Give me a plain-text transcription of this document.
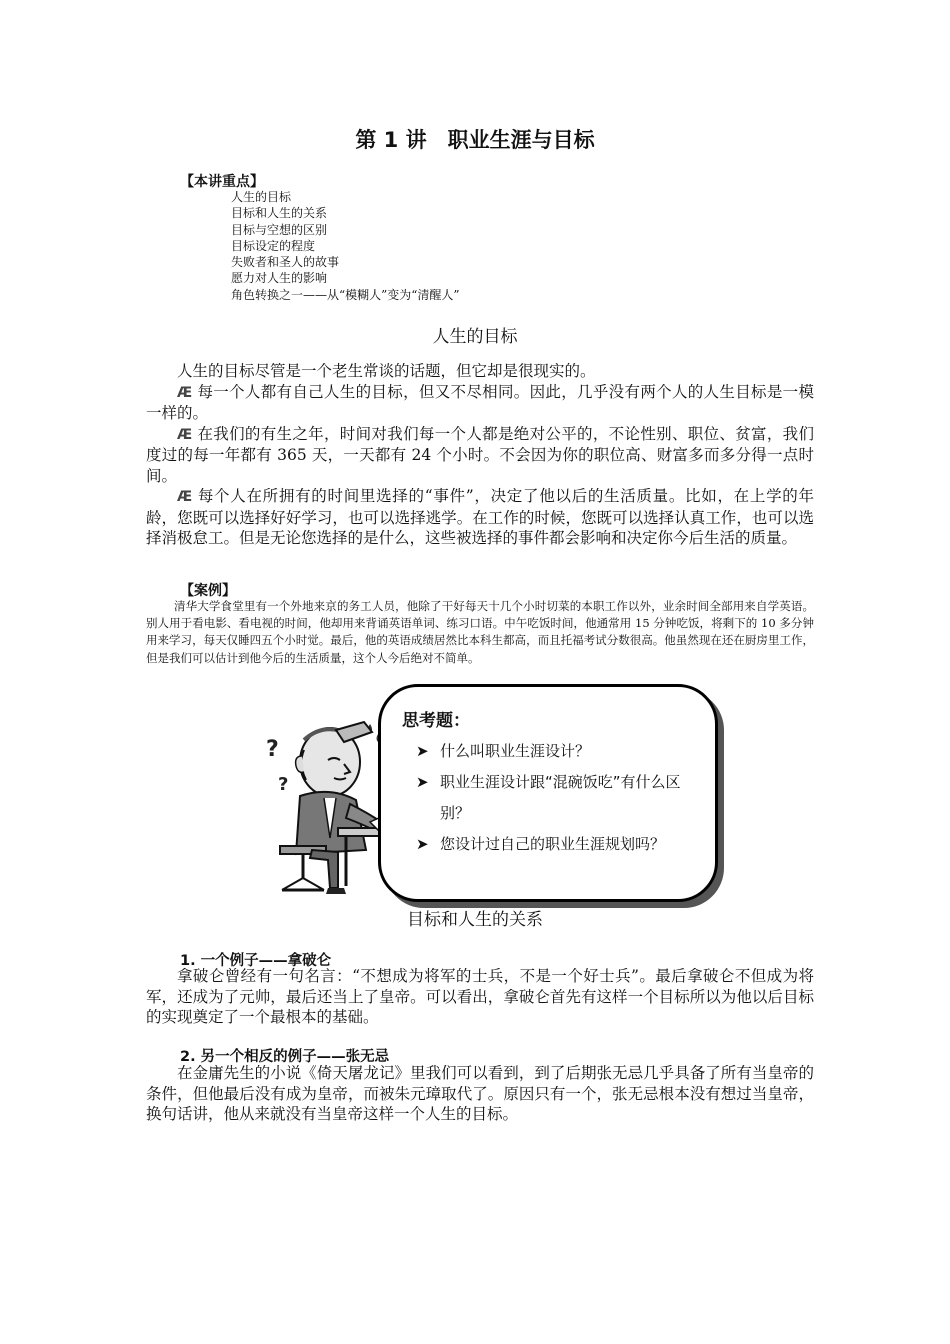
第 1 讲　职业生涯与目标
【本讲重点】
人生的目标
目标和人生的关系
目标与空想的区别
目标设定的程度
失败者和圣人的故事
愿力对人生的影响
角色转换之一——从“模糊人”变为“清醒人”
人生的目标

人生的目标尽管是一个老生常谈的话题，但它却是很现实的。

Æ 每一个人都有自己人生的目标，但又不尽相同。因此，几乎没有两个人的人生目标是一模一样的。

Æ 在我们的有生之年，时间对我们每一个人都是绝对公平的，不论性别、职位、贫富，我们度过的每一年都有 365 天，一天都有 24 个小时。不会因为你的职位高、财富多而多分得一点时间。

Æ 每个人在所拥有的时间里选择的“事件”，决定了他以后的生活质量。比如，在上学的年龄，您既可以选择好好学习，也可以选择逃学。在工作的时候，您既可以选择认真工作，也可以选择消极怠工。但是无论您选择的是什么，这些被选择的事件都会影响和决定你今后生活的质量。

【案例】

清华大学食堂里有一个外地来京的务工人员，他除了干好每天十几个小时切菜的本职工作以外，业余时间全部用来自学英语。别人用于看电影、看电视的时间，他却用来背诵英语单词、练习口语。中午吃饭时间，他通常用 15 分钟吃饭，将剩下的 10 多分钟用来学习，每天仅睡四五个小时觉。最后，他的英语成绩居然比本科生都高，而且托福考试分数很高。他虽然现在还在厨房里工作，但是我们可以估计到他今后的生活质量，这个人今后绝对不简单。

?
?
思考题：
➤ 什么叫职业生涯设计？
➤ 职业生涯设计跟“混碗饭吃”有什么区别？
➤ 您设计过自己的职业生涯规划吗？
目标和人生的关系
1. 一个例子——拿破仑

拿破仑曾经有一句名言：“不想成为将军的士兵，不是一个好士兵”。最后拿破仑不但成为将军，还成为了元帅，最后还当上了皇帝。可以看出，拿破仑首先有这样一个目标所以为他以后目标的实现奠定了一个最根本的基础。

2. 另一个相反的例子——张无忌

在金庸先生的小说《倚天屠龙记》里我们可以看到，到了后期张无忌几乎具备了所有当皇帝的条件，但他最后没有成为皇帝，而被朱元璋取代了。原因只有一个，张无忌根本没有想过当皇帝，换句话讲，他从来就没有当皇帝这样一个人生的目标。
